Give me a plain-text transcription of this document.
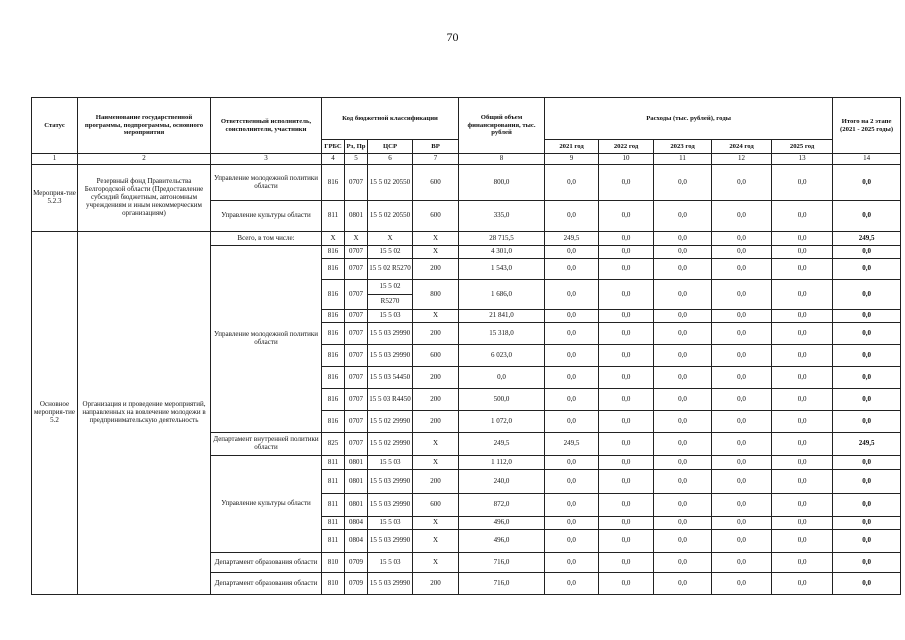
70
Статус	Наименование государственной программы, подпрограммы, основного мероприятия	Ответственный исполнитель, соисполнители, участники	Код бюджетной классификации				Общий объем финансирования, тыс. рублей	Расходы (тыс. рублей), годы					Итого на 2 этапе (2021 - 2025 годы)
			ГРБС	Рз, Пр	ЦСР	ВР		2021 год	2022 год	2023 год	2024 год	2025 год	
1	2	3	4	5	6	7	8	9	10	11	12	13	14
Мероприя-тие 5.2.3	Резервный фонд Правительства Белгородской области (Предоставление субсидий бюджетным, автономным учреждениям и иным некоммерческим организациям)	Управление молодежной политики области	816	0707	15 5 02 20550	600	800,0	0,0	0,0	0,0	0,0	0,0	0,0
		Управление культуры области	811	0801	15 5 02 20550	600	335,0	0,0	0,0	0,0	0,0	0,0	0,0
Основное мероприя-тие 5.2	Организация и проведение мероприятий, направленных на вовлечение молодежи в предпринимательскую деятельность	Всего, в том числе:	Х	Х	Х	Х	28 715,5	249,5	0,0	0,0	0,0	0,0	249,5
		Управление молодежной политики области	816	0707	15 5 02	Х	4 301,0	0,0	0,0	0,0	0,0	0,0	0,0
			816	0707	15 5 02 R5270	200	1 543,0	0,0	0,0	0,0	0,0	0,0	0,0
			816	0707	15 5 02	800	1 686,0	0,0	0,0	0,0	0,0	0,0	0,0
					R5270								
			816	0707	15 5 03	Х	21 841,0	0,0	0,0	0,0	0,0	0,0	0,0
			816	0707	15 5 03 29990	200	15 318,0	0,0	0,0	0,0	0,0	0,0	0,0
			816	0707	15 5 03 29990	600	6 023,0	0,0	0,0	0,0	0,0	0,0	0,0
			816	0707	15 5 03 54450	200	0,0	0,0	0,0	0,0	0,0	0,0	0,0
			816	0707	15 5 03 R4450	200	500,0	0,0	0,0	0,0	0,0	0,0	0,0
			816	0707	15 5 02 29990	200	1 072,0	0,0	0,0	0,0	0,0	0,0	0,0
		Департамент внутренней политики области	825	0707	15 5 02 29990	Х	249,5	249,5	0,0	0,0	0,0	0,0	249,5
		Управление культуры области	811	0801	15 5 03	Х	1 112,0	0,0	0,0	0,0	0,0	0,0	0,0
			811	0801	15 5 03 29990	200	240,0	0,0	0,0	0,0	0,0	0,0	0,0
			811	0801	15 5 03 29990	600	872,0	0,0	0,0	0,0	0,0	0,0	0,0
			811	0804	15 5 03	Х	496,0	0,0	0,0	0,0	0,0	0,0	0,0
			811	0804	15 5 03 29990	Х	496,0	0,0	0,0	0,0	0,0	0,0	0,0
		Департамент образования области	810	0709	15 5 03	Х	716,0	0,0	0,0	0,0	0,0	0,0	0,0
		Департамент образования области	810	0709	15 5 03 29990	200	716,0	0,0	0,0	0,0	0,0	0,0	0,0
